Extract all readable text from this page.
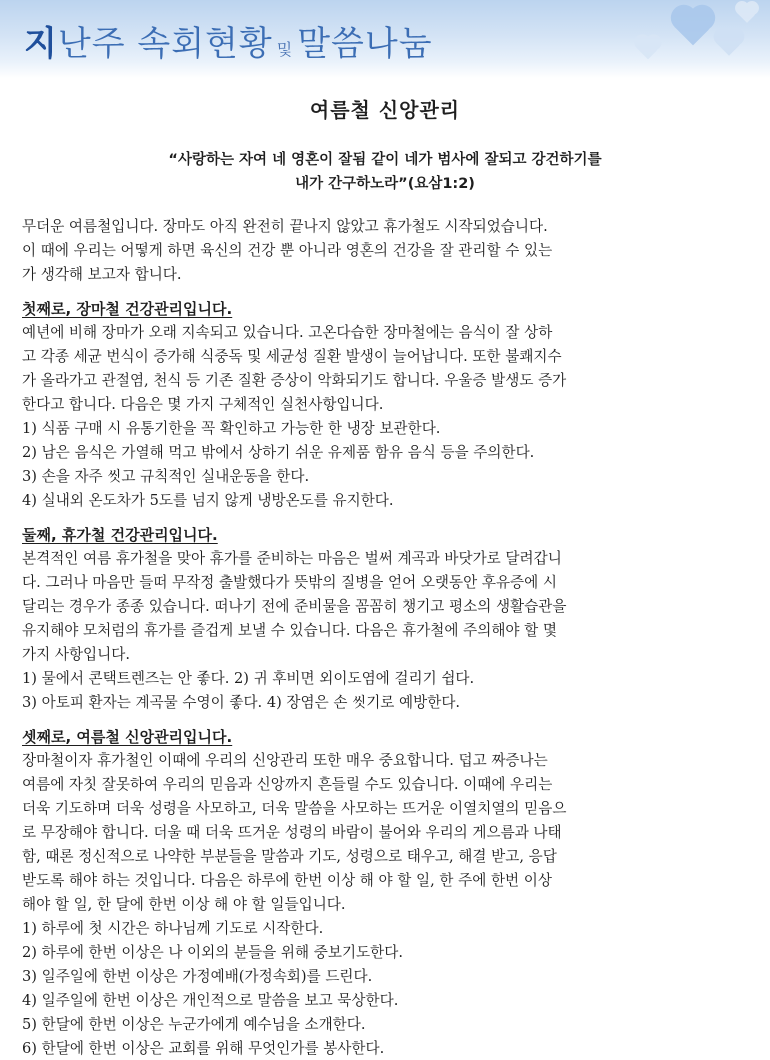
지난주 속회현황 및 말씀나눔
여름철 신앙관리
“사랑하는 자여 네 영혼이 잘됨 같이 네가 범사에 잘되고 강건하기를
내가 간구하노라”(요삼1:2)
무더운 여름철입니다. 장마도 아직 완전히 끝나지 않았고 휴가철도 시작되었습니다.
이 때에 우리는 어떻게 하면 육신의 건강 뿐 아니라 영혼의 건강을 잘 관리할 수 있는
가 생각해 보고자 합니다.
첫째로, 장마철 건강관리입니다.
예년에 비해 장마가 오래 지속되고 있습니다. 고온다습한 장마철에는 음식이 잘 상하
고 각종 세균 번식이 증가해 식중독 및 세균성 질환 발생이 늘어납니다. 또한 불쾌지수
가 올라가고 관절염, 천식 등 기존 질환 증상이 악화되기도 합니다. 우울증 발생도 증가
한다고 합니다. 다음은 몇 가지 구체적인 실천사항입니다.
1) 식품 구매 시 유통기한을 꼭 확인하고 가능한 한 냉장 보관한다.
2) 남은 음식은 가열해 먹고 밖에서 상하기 쉬운 유제품 함유 음식 등을 주의한다.
3) 손을 자주 씻고 규칙적인 실내운동을 한다.
4) 실내외 온도차가 5도를 넘지 않게 냉방온도를 유지한다.
둘째, 휴가철 건강관리입니다.
본격적인 여름 휴가철을 맞아 휴가를 준비하는 마음은 벌써 계곡과 바닷가로 달려갑니
다. 그러나 마음만 들떠 무작정 출발했다가 뜻밖의 질병을 얻어 오랫동안 후유증에 시
달리는 경우가 종종 있습니다. 떠나기 전에 준비물을 꼼꼼히 챙기고 평소의 생활습관을
유지해야 모처럼의 휴가를 즐겁게 보낼 수 있습니다. 다음은 휴가철에 주의해야 할 몇
가지 사항입니다.
1) 물에서 콘택트렌즈는 안 좋다. 2) 귀 후비면 외이도염에 걸리기 쉽다.
3) 아토피 환자는 계곡물 수영이 좋다. 4) 장염은 손 씻기로 예방한다.
셋째로, 여름철 신앙관리입니다.
장마철이자 휴가철인 이때에 우리의 신앙관리 또한 매우 중요합니다. 덥고 짜증나는
여름에 자칫 잘못하여 우리의 믿음과 신앙까지 흔들릴 수도 있습니다. 이때에 우리는
더욱 기도하며 더욱 성령을 사모하고, 더욱 말씀을 사모하는 뜨거운 이열치열의 믿음으
로 무장해야 합니다. 더울 때 더욱 뜨거운 성령의 바람이 불어와 우리의 게으름과 나태
함, 때론 정신적으로 나약한 부분들을 말씀과 기도, 성령으로 태우고, 해결 받고, 응답
받도록 해야 하는 것입니다. 다음은 하루에 한번 이상 해 야 할 일, 한 주에 한번 이상
해야 할 일, 한 달에 한번 이상 해 야 할 일들입니다.
1) 하루에 첫 시간은 하나님께 기도로 시작한다.
2) 하루에 한번 이상은 나 이외의 분들을 위해 중보기도한다.
3) 일주일에 한번 이상은 가정예배(가정속회)를 드린다.
4) 일주일에 한번 이상은 개인적으로 말씀을 보고 묵상한다.
5) 한달에 한번 이상은 누군가에게 예수님을 소개한다.
6) 한달에 한번 이상은 교회를 위해 무엇인가를 봉사한다.
